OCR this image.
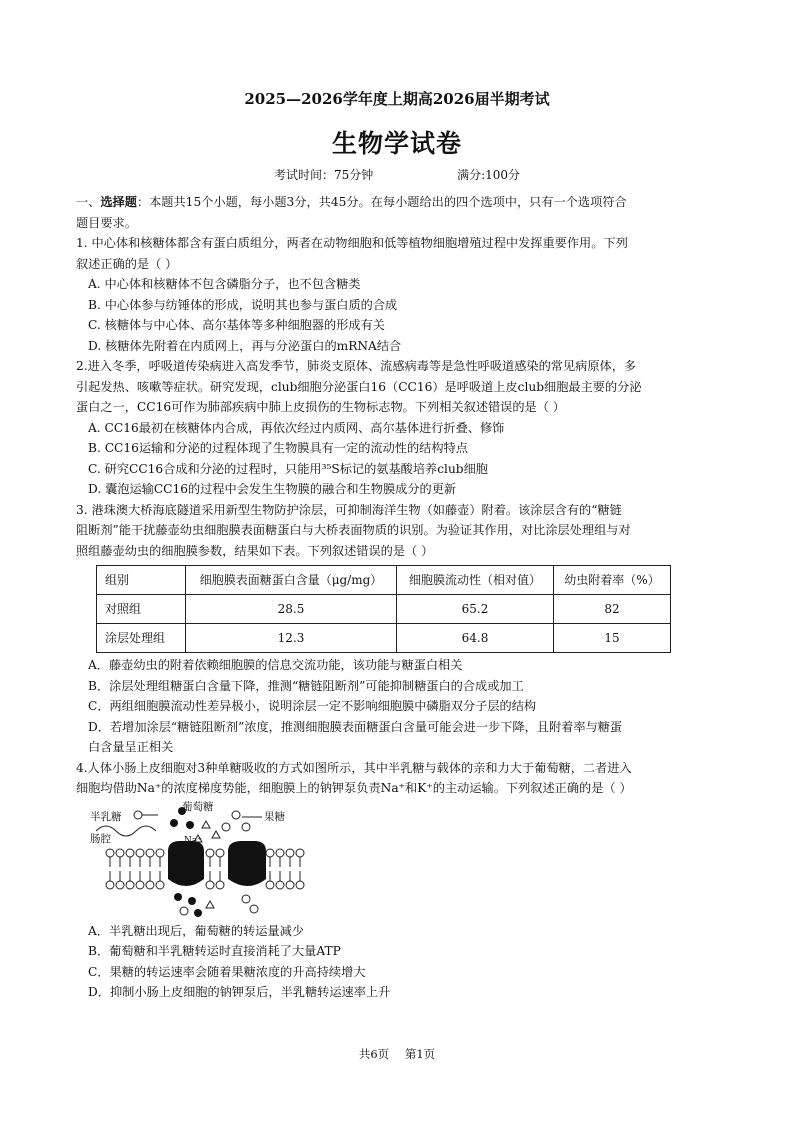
2025—2026学年度上期高2026届半期考试
生物学试卷
考试时间：75分钟	满分:100分
一、选择题：本题共15个小题，每小题3分，共45分。在每小题给出的四个选项中，只有一个选项符合
题目要求。
1. 中心体和核糖体都含有蛋白质组分，两者在动物细胞和低等植物细胞增殖过程中发挥重要作用。下列
叙述正确的是（ ）
A. 中心体和核糖体不包含磷脂分子，也不包含糖类
B. 中心体参与纺锤体的形成，说明其也参与蛋白质的合成
C. 核糖体与中心体、高尔基体等多种细胞器的形成有关
D. 核糖体先附着在内质网上，再与分泌蛋白的mRNA结合
2.进入冬季，呼吸道传染病进入高发季节，肺炎支原体、流感病毒等是急性呼吸道感染的常见病原体，多
引起发热、咳嗽等症状。研究发现，club细胞分泌蛋白16（CC16）是呼吸道上皮club细胞最主要的分泌
蛋白之一，CC16可作为肺部疾病中肺上皮损伤的生物标志物。下列相关叙述错误的是（ ）
A. CC16最初在核糖体内合成，再依次经过内质网、高尔基体进行折叠、修饰
B. CC16运输和分泌的过程体现了生物膜具有一定的流动性的结构特点
C. 研究CC16合成和分泌的过程时，只能用³⁵S标记的氨基酸培养club细胞
D. 囊泡运输CC16的过程中会发生生物膜的融合和生物膜成分的更新
3. 港珠澳大桥海底隧道采用新型生物防护涂层，可抑制海洋生物（如藤壶）附着。该涂层含有的“糖链
阻断剂”能干扰藤壶幼虫细胞膜表面糖蛋白与大桥表面物质的识别。为验证其作用，对比涂层处理组与对
照组藤壶幼虫的细胞膜参数，结果如下表。下列叙述错误的是（ ）
组别	细胞膜表面糖蛋白含量（μg/mg）	细胞膜流动性（相对值）	幼虫附着率（%）
对照组	28.5	65.2	82
涂层处理组	12.3	64.8	15
A．藤壶幼虫的附着依赖细胞膜的信息交流功能，该功能与糖蛋白相关
B．涂层处理组糖蛋白含量下降，推测“糖链阻断剂”可能抑制糖蛋白的合成或加工
C．两组细胞膜流动性差异极小，说明涂层一定不影响细胞膜中磷脂双分子层的结构
D．若增加涂层“糖链阻断剂”浓度，推测细胞膜表面糖蛋白含量可能会进一步下降，且附着率与糖蛋
白含量呈正相关
4.人体小肠上皮细胞对3种单糖吸收的方式如图所示，其中半乳糖与载体的亲和力大于葡萄糖，二者进入
细胞均借助Na⁺的浓度梯度势能，细胞膜上的钠钾泵负责Na⁺和K⁺的主动运输。下列叙述正确的是（ ）
半乳糖
葡萄糖
果糖
肠腔	Na⁺
A．半乳糖出现后，葡萄糖的转运量减少
B．葡萄糖和半乳糖转运时直接消耗了大量ATP
C．果糖的转运速率会随着果糖浓度的升高持续增大
D．抑制小肠上皮细胞的钠钾泵后，半乳糖转运速率上升
共6页 第1页
